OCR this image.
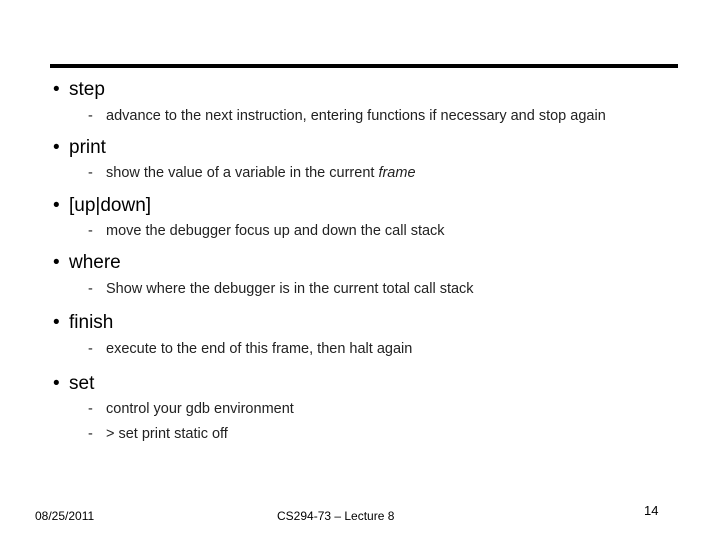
• step
- advance to the next instruction, entering functions if necessary and stop again
• print
- show the value of a variable in the current frame
• [up|down]
- move the debugger focus up and down the call stack
• where
- Show where the debugger is in the current total call stack
• finish
- execute to the end of this frame, then halt again
• set
- control your gdb environment
- > set print static off
08/25/2011	CS294-73 – Lecture 8	14
